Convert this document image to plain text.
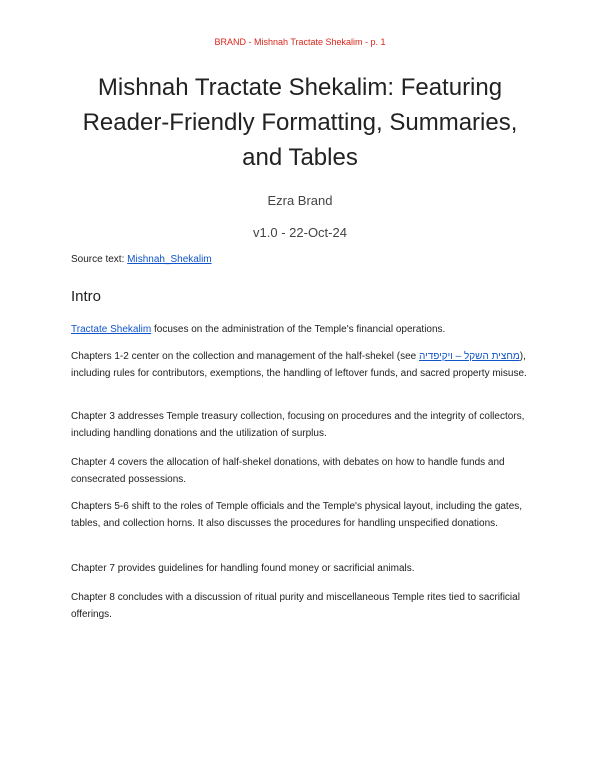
BRAND - Mishnah Tractate Shekalim - p. 1
Mishnah Tractate Shekalim: Featuring Reader-Friendly Formatting, Summaries, and Tables
Ezra Brand
v1.0 - 22-Oct-24
Source text: Mishnah_Shekalim
Intro
Tractate Shekalim focuses on the administration of the Temple's financial operations.
Chapters 1-2 center on the collection and management of the half-shekel (see מחצית השקל – ויקיפדיה), including rules for contributors, exemptions, the handling of leftover funds, and sacred property misuse.
Chapter 3 addresses Temple treasury collection, focusing on procedures and the integrity of collectors, including handling donations and the utilization of surplus.
Chapter 4 covers the allocation of half-shekel donations, with debates on how to handle funds and consecrated possessions.
Chapters 5-6 shift to the roles of Temple officials and the Temple's physical layout, including the gates, tables, and collection horns. It also discusses the procedures for handling unspecified donations.
Chapter 7 provides guidelines for handling found money or sacrificial animals.
Chapter 8 concludes with a discussion of ritual purity and miscellaneous Temple rites tied to sacrificial offerings.
